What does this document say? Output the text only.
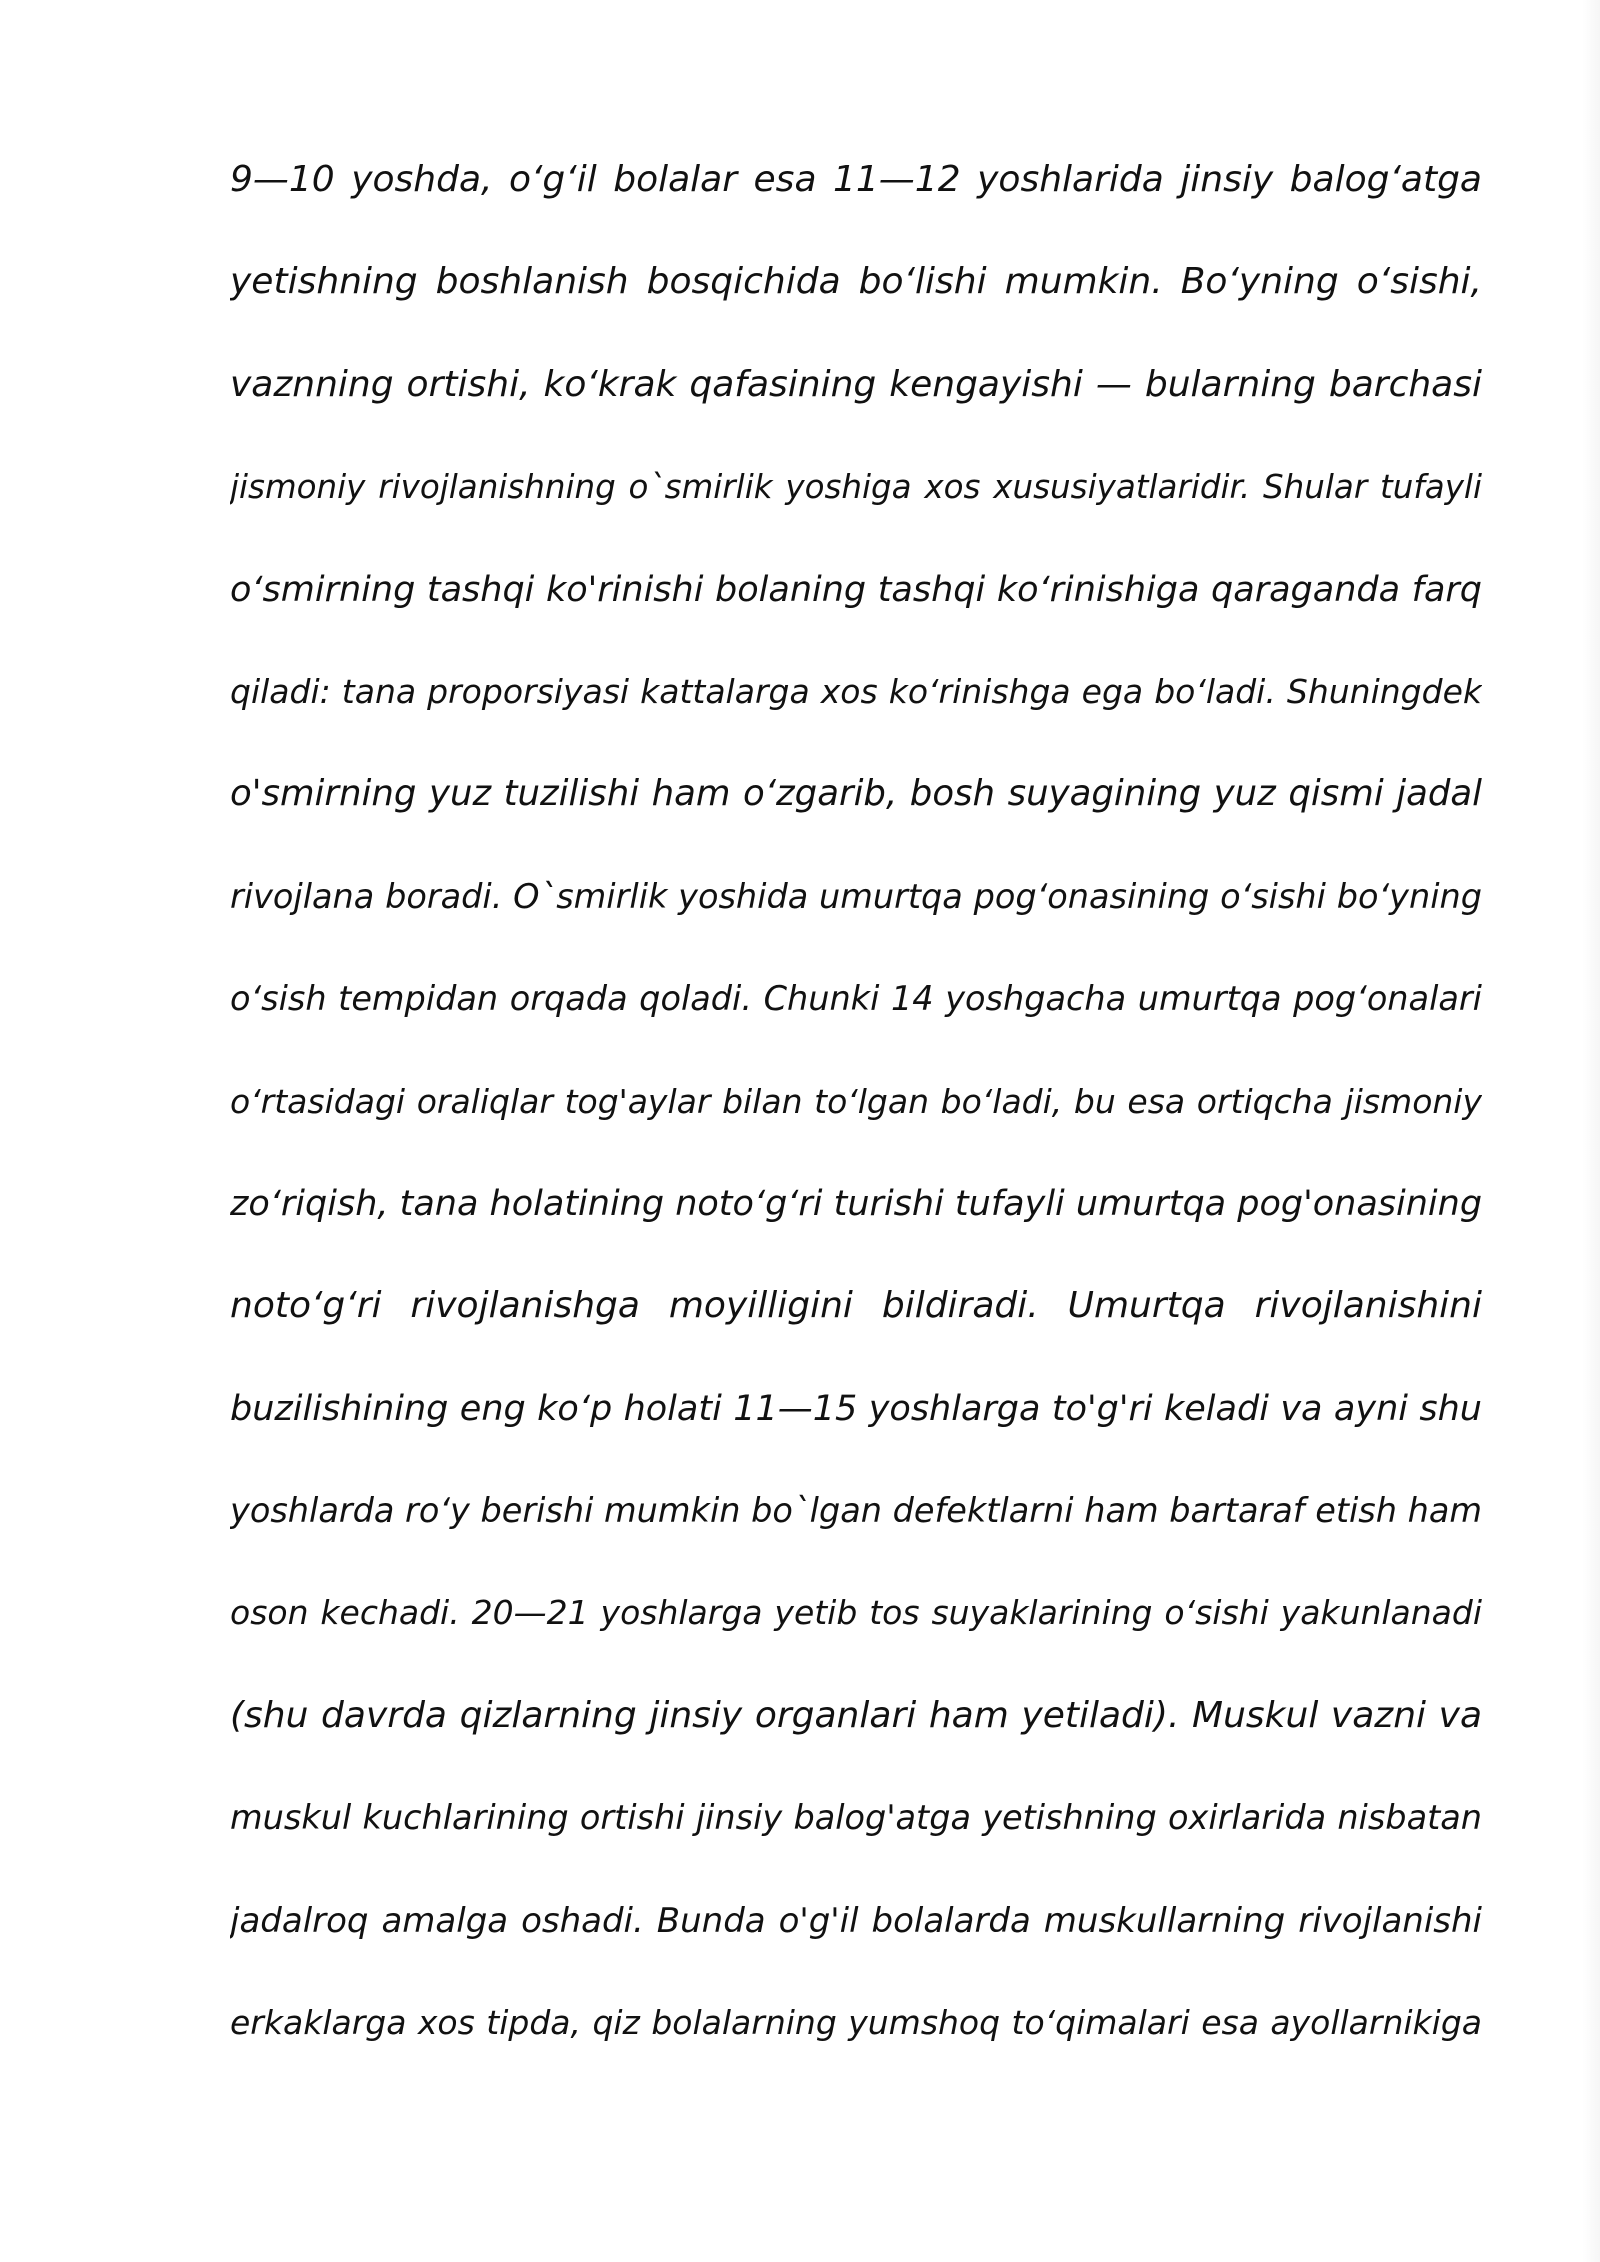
9—10 yoshda, o‘g‘il bolalar esa 11—12 yoshlarida jinsiy balog‘atga
yetishning boshlanish bosqichida bo‘lishi mumkin. Bo‘yning o‘sishi,
vaznning ortishi, ko‘krak qafasining kengayishi — bularning barchasi
jismoniy rivojlanishning o`smirlik yoshiga xos xususiyatlaridir. Shular tufayli
o‘smirning tashqi ko'rinishi bolaning tashqi ko‘rinishiga qaraganda farq
qiladi: tana proporsiyasi kattalarga xos ko‘rinishga ega bo‘ladi. Shuningdek
o'smirning yuz tuzilishi ham o‘zgarib, bosh suyagining yuz qismi jadal
rivojlana boradi. O`smirlik yoshida umurtqa pog‘onasining o‘sishi bo‘yning
o‘sish tempidan orqada qoladi. Chunki 14 yoshgacha umurtqa pog‘onalari
o‘rtasidagi oraliqlar tog'aylar bilan to‘lgan bo‘ladi, bu esa ortiqcha jismoniy
zo‘riqish, tana holatining noto‘g‘ri turishi tufayli umurtqa pog'onasining
noto‘g‘ri rivojlanishga moyilligini bildiradi. Umurtqa rivojlanishini
buzilishining eng ko‘p holati 11—15 yoshlarga to'g'ri keladi va ayni shu
yoshlarda ro‘y berishi mumkin bo`lgan defektlarni ham bartaraf etish ham
oson kechadi. 20—21 yoshlarga yetib tos suyaklarining o‘sishi yakunlanadi
(shu davrda qizlarning jinsiy organlari ham yetiladi). Muskul vazni va
muskul kuchlarining ortishi jinsiy balog'atga yetishning oxirlarida nisbatan
jadalroq amalga oshadi. Bunda o'g'il bolalarda muskullarning rivojlanishi
erkaklarga xos tipda, qiz bolalarning yumshoq to‘qimalari esa ayollarnikiga
